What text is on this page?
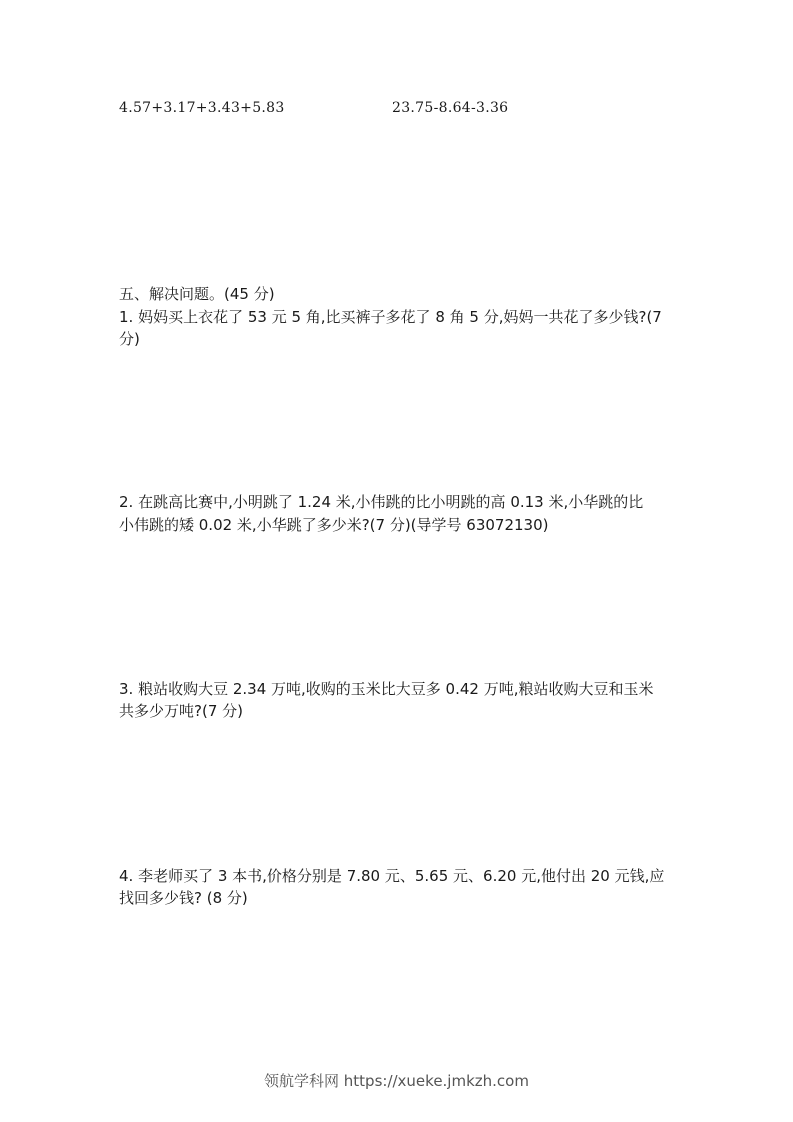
4.57+3.17+3.43+5.83	23.75-8.64-3.36
五、解决问题。(45 分)
1. 妈妈买上衣花了 53 元 5 角,比买裤子多花了 8 角 5 分,妈妈一共花了多少钱?(7
分)
2. 在跳高比赛中,小明跳了 1.24 米,小伟跳的比小明跳的高 0.13 米,小华跳的比
小伟跳的矮 0.02 米,小华跳了多少米?(7 分)(导学号 63072130)
3. 粮站收购大豆 2.34 万吨,收购的玉米比大豆多 0.42 万吨,粮站收购大豆和玉米
共多少万吨?(7 分)
4. 李老师买了 3 本书,价格分别是 7.80 元、5.65 元、6.20 元,他付出 20 元钱,应
找回多少钱? (8 分)
领航学科网 https://xueke.jmkzh.com
